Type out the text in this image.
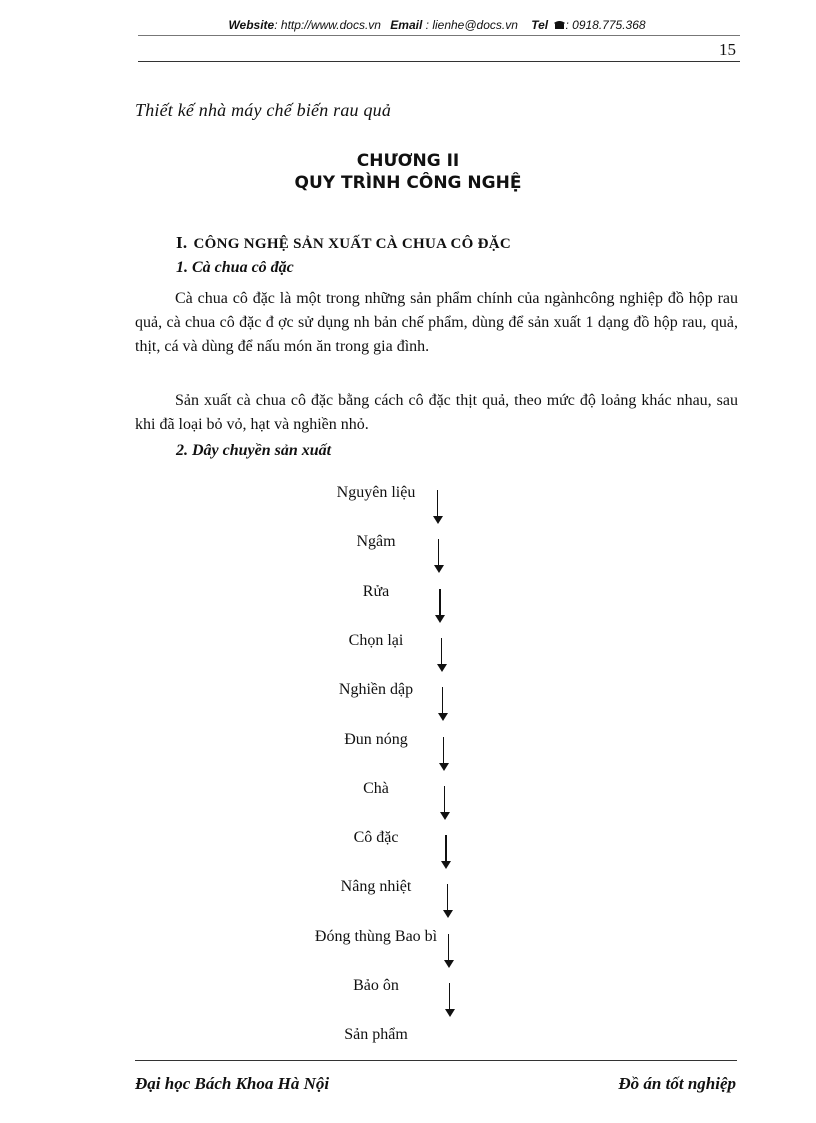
Website: http://www.docs.vn Email : lienhe@docs.vn Tel : 0918.775.368
15
Thiết kế nhà máy chế biến rau quả
CHƯƠNG II
QUY TRÌNH CÔNG NGHỆ
I. CÔNG NGHỆ SẢN XUẤT CÀ CHUA CÔ ĐẶC
1. Cà chua cô đặc
Cà chua cô đặc là một trong những sản phẩm chính của ngànhcông nghiệp đồ hộp rau quả, cà chua cô đặc đ ợc sử dụng nh bản chế phẩm, dùng để sản xuất 1 dạng đồ hộp rau, quả, thịt, cá và dùng để nấu món ăn trong gia đình.
Sản xuất cà chua cô đặc bằng cách cô đặc thịt quả, theo mức độ loảng khác nhau, sau khi đã loại bỏ vỏ, hạt và nghiền nhỏ.
2. Dây chuyền sản xuất
Nguyên liệu
Ngâm
Rửa
Chọn lại
Nghiền dập
Đun nóng
Chà
Cô đặc
Nâng nhiệt
Đóng thùng Bao bì
Bảo ôn
Sản phẩm
Đại học Bách Khoa Hà Nội	Đồ án tốt nghiệp
